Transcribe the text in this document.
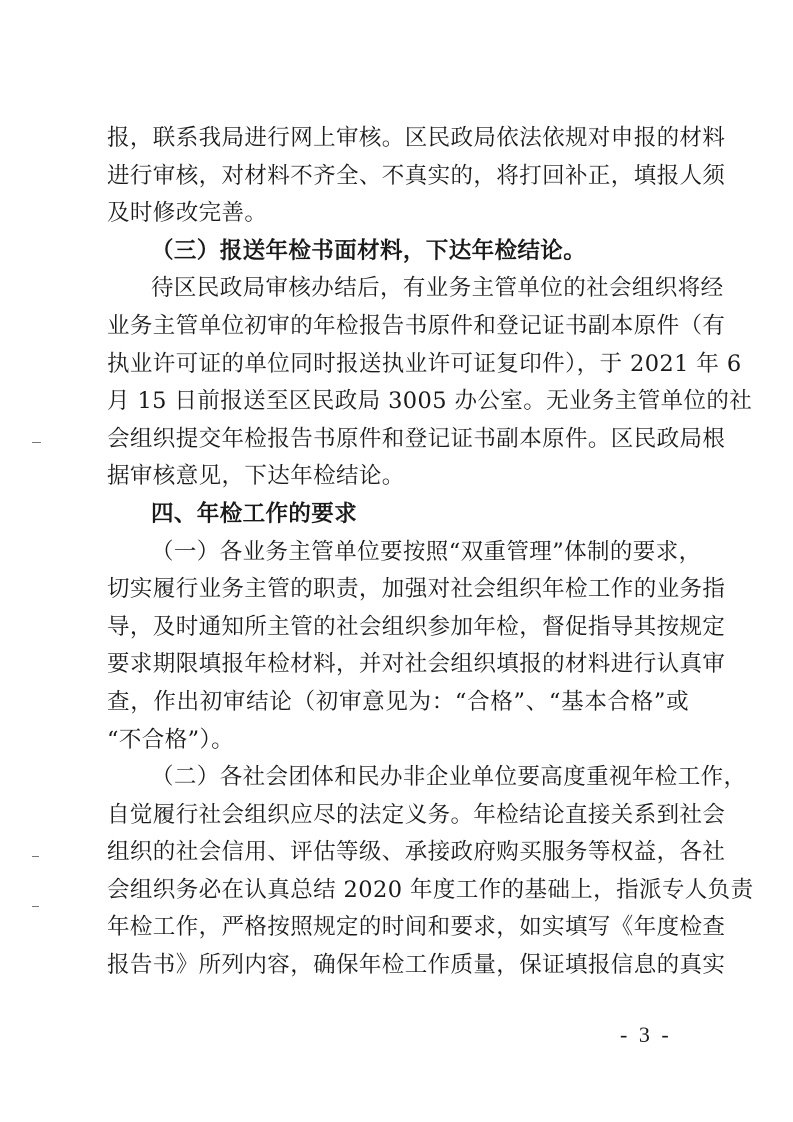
报，联系我局进行网上审核。区民政局依法依规对申报的材料
进行审核，对材料不齐全、不真实的，将打回补正，填报人须
及时修改完善。
（三）报送年检书面材料，下达年检结论。
待区民政局审核办结后，有业务主管单位的社会组织将经
业务主管单位初审的年检报告书原件和登记证书副本原件（有
执业许可证的单位同时报送执业许可证复印件），于 2021 年 6
月 15 日前报送至区民政局 3005 办公室。无业务主管单位的社
会组织提交年检报告书原件和登记证书副本原件。区民政局根
据审核意见，下达年检结论。
四、年检工作的要求
（一）各业务主管单位要按照“双重管理”体制的要求，
切实履行业务主管的职责，加强对社会组织年检工作的业务指
导，及时通知所主管的社会组织参加年检，督促指导其按规定
要求期限填报年检材料，并对社会组织填报的材料进行认真审
查，作出初审结论（初审意见为：“合格”、“基本合格”或
“不合格”）。
（二）各社会团体和民办非企业单位要高度重视年检工作，
自觉履行社会组织应尽的法定义务。年检结论直接关系到社会
组织的社会信用、评估等级、承接政府购买服务等权益，各社
会组织务必在认真总结 2020 年度工作的基础上，指派专人负责
年检工作，严格按照规定的时间和要求，如实填写《年度检查
报告书》所列内容，确保年检工作质量，保证填报信息的真实
- 3 -
